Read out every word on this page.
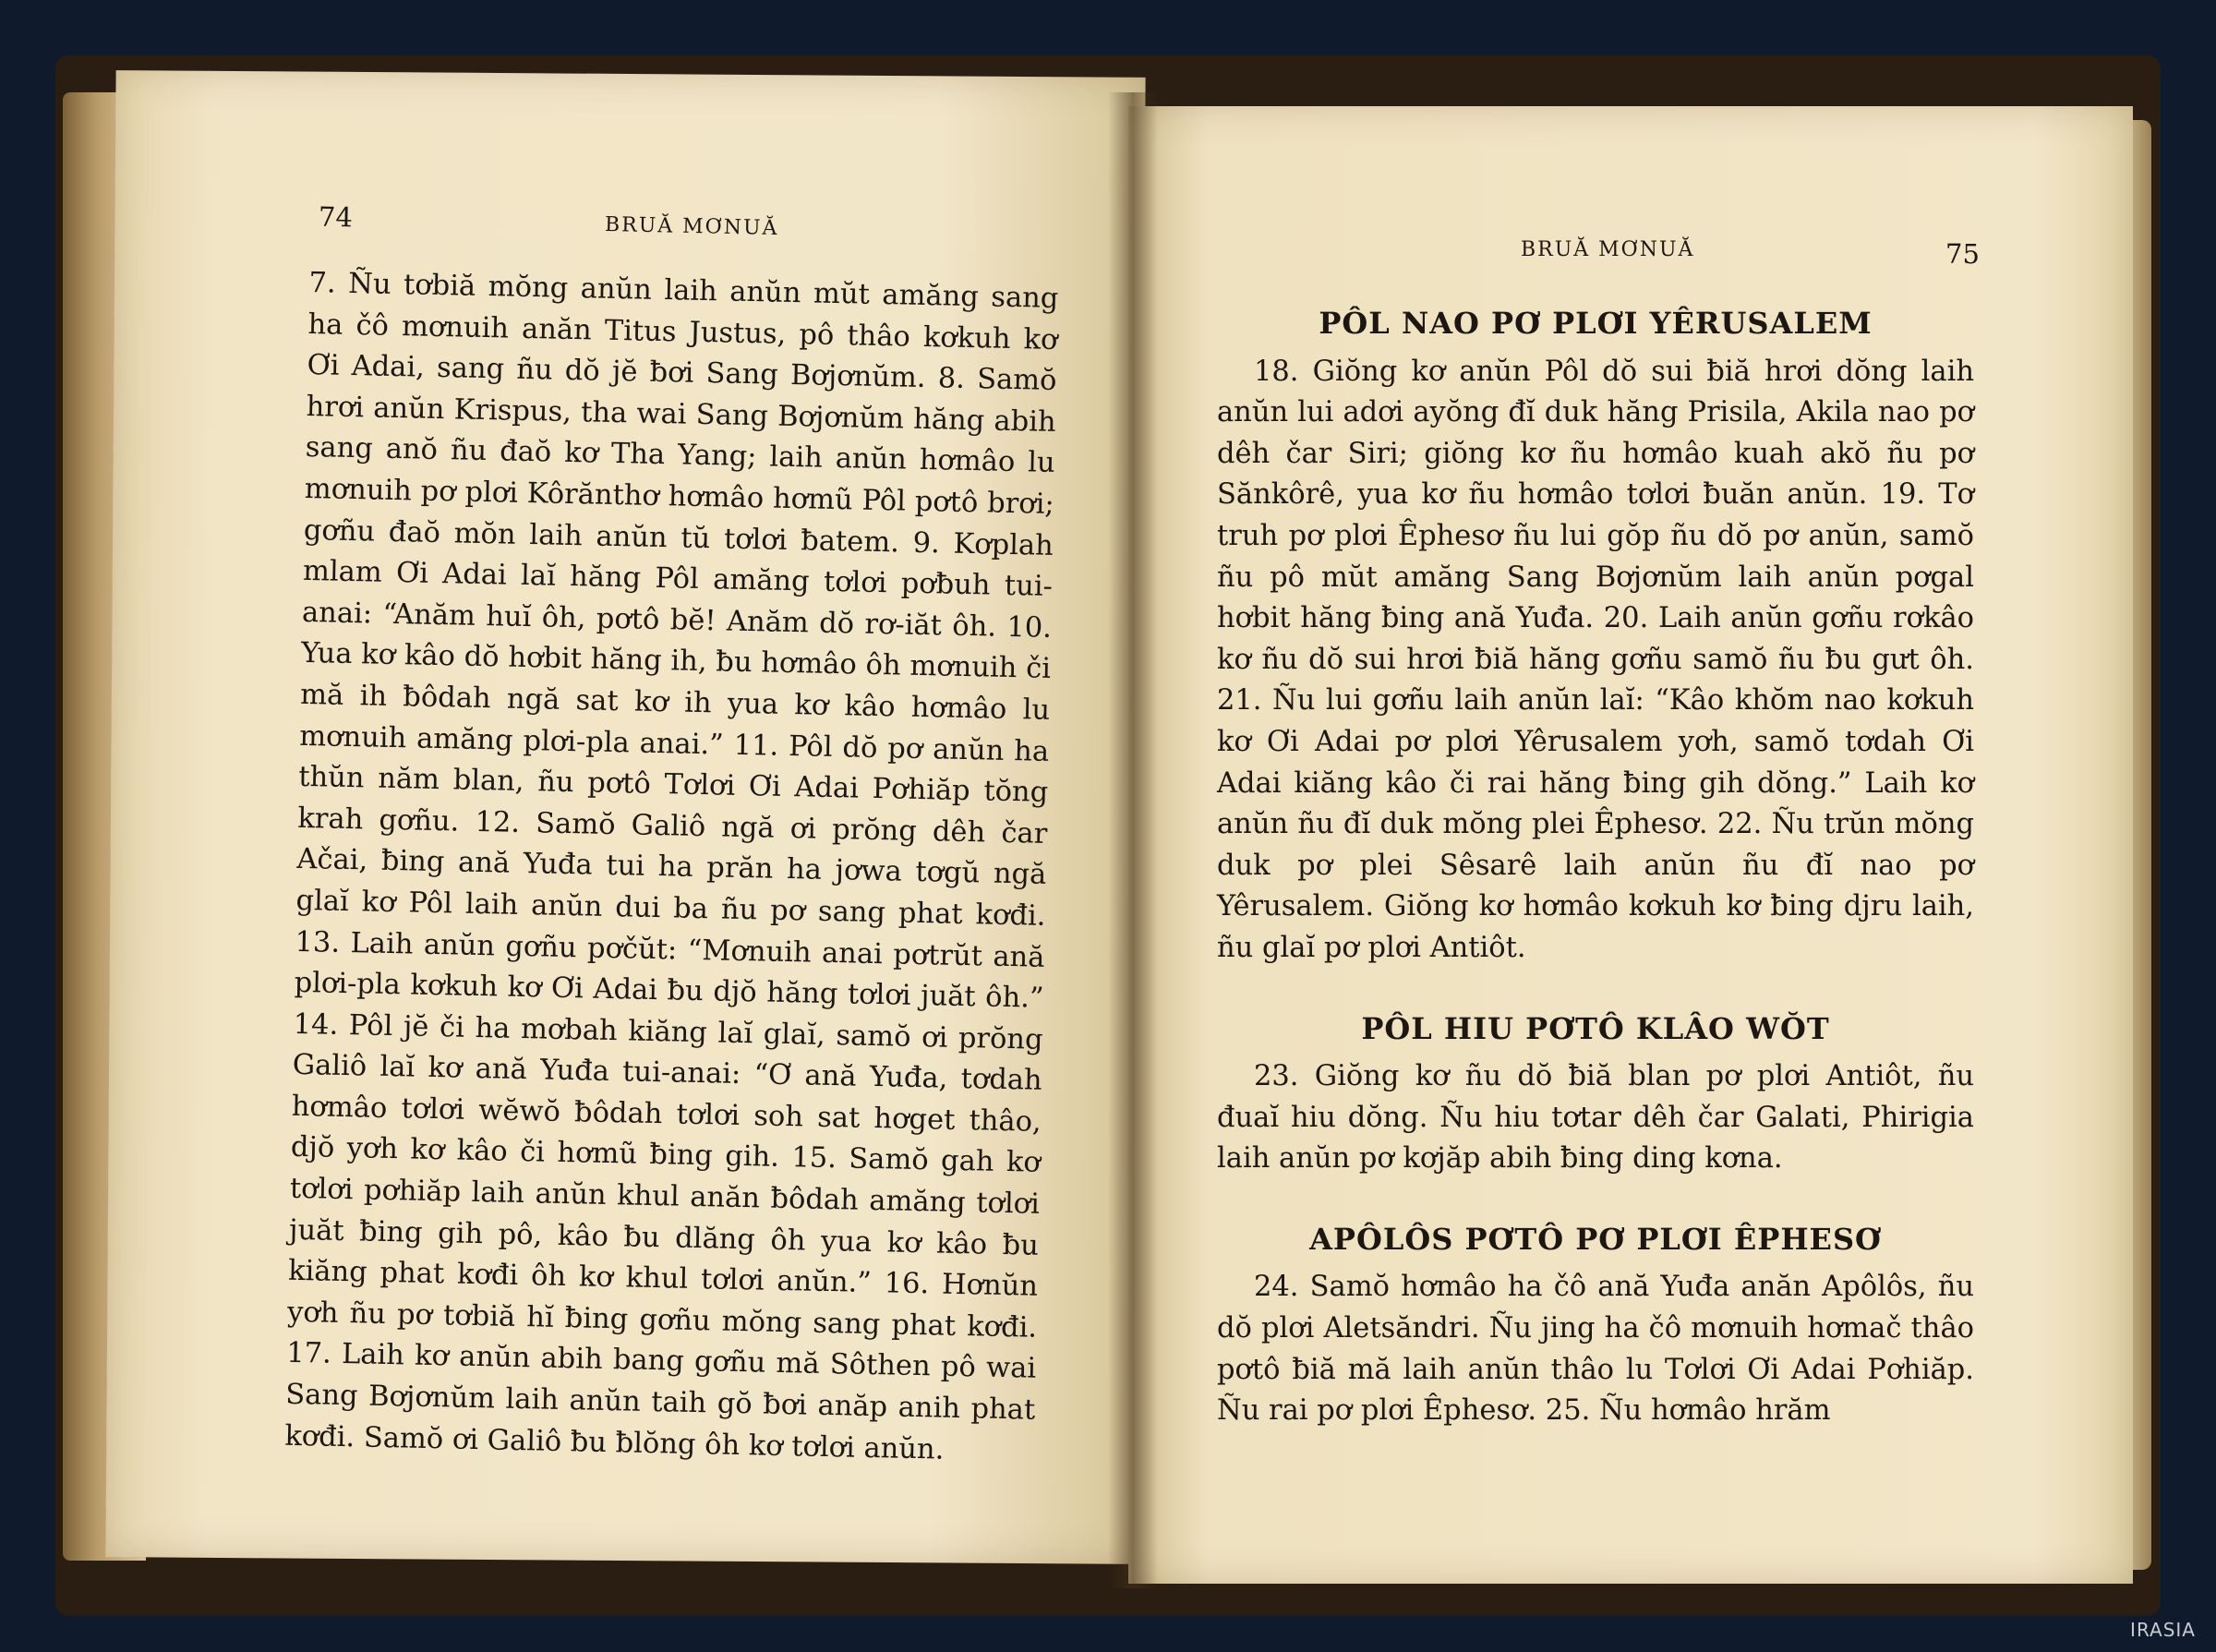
74	BRUĂ MƠNUĂ

7. Ñu tơbiă mŏng anŭn laih anŭn mŭt amăng sang ha čô mơnuih anăn Titus Justus, pô thâo kơkuh kơ Ơi Adai, sang ñu dŏ jĕ ƀơi Sang Bơjơnŭm. 8. Samŏ hrơi anŭn Krispus, tha wai Sang Bơjơnŭm hăng abih sang anŏ ñu đaŏ kơ Tha Yang; laih anŭn hơmâo lu mơnuih pơ plơi Kôrănthơ hơmâo hơmũ Pôl pơtô brơi; gơñu đaŏ mŏn laih anŭn tŭ tơlơi ƀatem. 9. Kơplah mlam Ơi Adai laĭ hăng Pôl amăng tơlơi pơƀuh tui-anai: “Anăm huĭ ôh, pơtô bĕ! Anăm dŏ rơ-iăt ôh. 10. Yua kơ kâo dŏ hơbit hăng ih, ƀu hơmâo ôh mơnuih či mă ih ƀôdah ngă sat kơ ih yua kơ kâo hơmâo lu mơnuih amăng plơi-pla anai.” 11. Pôl dŏ pơ anŭn ha thŭn năm blan, ñu pơtô Tơlơi Ơi Adai Pơhiăp tŏng krah gơñu. 12. Samŏ Galiô ngă ơi prŏng dêh čar Ačai, ƀing ană Yuđa tui ha prăn ha jơwa tơgŭ ngă glaĭ kơ Pôl laih anŭn dui ba ñu pơ sang phat kơđi. 13. Laih anŭn gơñu pơčŭt: “Mơnuih anai pơtrŭt ană plơi-pla kơkuh kơ Ơi Adai ƀu djŏ hăng tơlơi juăt ôh.” 14. Pôl jĕ či ha mơbah kiăng laĭ glaĭ, samŏ ơi prŏng Galiô laĭ kơ ană Yuđa tui-anai: “Ơ ană Yuđa, tơdah hơmâo tơlơi wĕwŏ ƀôdah tơlơi soh sat hơget thâo, djŏ yơh kơ kâo či hơmũ ƀing gih. 15. Samŏ gah kơ tơlơi pơhiăp laih anŭn khul anăn ƀôdah amăng tơlơi juăt ƀing gih pô, kâo ƀu dlăng ôh yua kơ kâo ƀu kiăng phat kơđi ôh kơ khul tơlơi anŭn.” 16. Hơnŭn yơh ñu pơ tơbiă hĭ ƀing gơñu mŏng sang phat kơđi. 17. Laih kơ anŭn abih bang gơñu mă Sôthen pô wai Sang Bơjơnŭm laih anŭn taih gŏ ƀơi anăp anih phat kơđi. Samŏ ơi Galiô ƀu ƀlŏng ôh kơ tơlơi anŭn.

BRUĂ MƠNUĂ	75
PÔL NAO PƠ PLƠI YÊRUSALEM

18. Giŏng kơ anŭn Pôl dŏ sui ƀiă hrơi dŏng laih anŭn lui adơi ayŏng đĭ duk hăng Prisila, Akila nao pơ dêh čar Siri; giŏng kơ ñu hơmâo kuah akŏ ñu pơ Sănkôrê, yua kơ ñu hơmâo tơlơi ƀuăn anŭn. 19. Tơ truh pơ plơi Êphesơ ñu lui gŏp ñu dŏ pơ anŭn, samŏ ñu pô mŭt amăng Sang Bơjơnŭm laih anŭn pơgal hơbit hăng ƀing ană Yuđa. 20. Laih anŭn gơñu rơkâo kơ ñu dŏ sui hrơi ƀiă hăng gơñu samŏ ñu ƀu gưt ôh. 21. Ñu lui gơñu laih anŭn laĭ: “Kâo khŏm nao kơkuh kơ Ơi Adai pơ plơi Yêrusalem yơh, samŏ tơdah Ơi Adai kiăng kâo či rai hăng ƀing gih dŏng.” Laih kơ anŭn ñu đĭ duk mŏng plei Êphesơ. 22. Ñu trŭn mŏng duk pơ plei Sêsarê laih anŭn ñu đĭ nao pơ Yêrusalem. Giŏng kơ hơmâo kơkuh kơ ƀing djru laih, ñu glaĭ pơ plơi Antiôt.

PÔL HIU PƠTÔ KLÂO WŎT

23. Giŏng kơ ñu dŏ ƀiă blan pơ plơi Antiôt, ñu đuaĭ hiu dŏng. Ñu hiu tơtar dêh čar Galati, Phirigia laih anŭn pơ kơjăp abih ƀing ding kơna.

APÔLÔS PƠTÔ PƠ PLƠI ÊPHESƠ

24. Samŏ hơmâo ha čô ană Yuđa anăn Apôlôs, ñu dŏ plơi Aletsăndri. Ñu jing ha čô mơnuih hơmač thâo pơtô ƀiă mă laih anŭn thâo lu Tơlơi Ơi Adai Pơhiăp. Ñu rai pơ plơi Êphesơ. 25. Ñu hơmâo hrăm

IRASIA
